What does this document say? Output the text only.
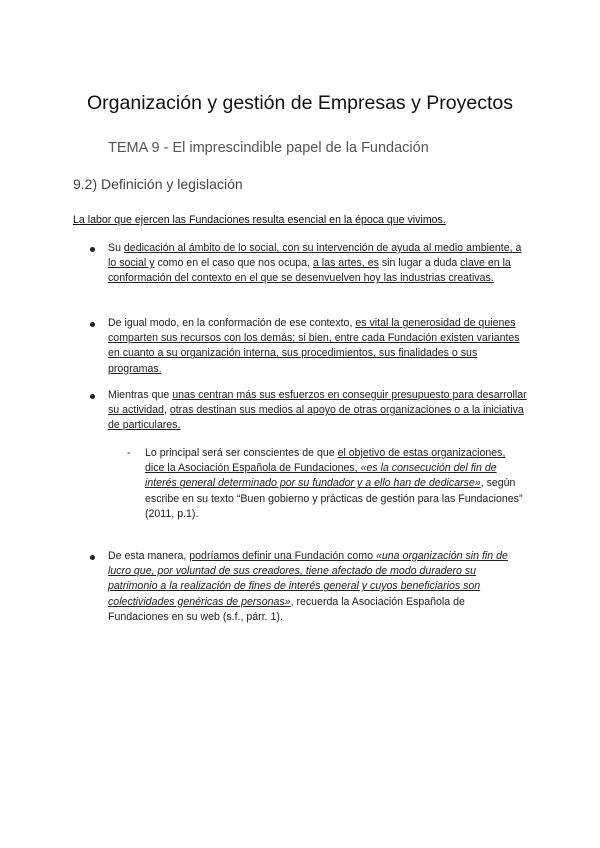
Organización y gestión de Empresas y Proyectos
TEMA 9 - El imprescindible papel de la Fundación
9.2) Definición y legislación
La labor que ejercen las Fundaciones resulta esencial en la época que vivimos.
Su dedicación al ámbito de lo social, con su intervención de ayuda al medio ambiente, a lo social y como en el caso que nos ocupa, a las artes, es sin lugar a duda clave en la conformación del contexto en el que se desenvuelven hoy las industrias creativas.
De igual modo, en la conformación de ese contexto, es vital la generosidad de quienes comparten sus recursos con los demás; si bien, entre cada Fundación existen variantes en cuanto a su organización interna, sus procedimientos, sus finalidades o sus programas.
Mientras que unas centran más sus esfuerzos en conseguir presupuesto para desarrollar su actividad, otras destinan sus medios al apoyo de otras organizaciones o a la iniciativa de particulares.
- Lo principal será ser conscientes de que el objetivo de estas organizaciones, dice la Asociación Española de Fundaciones, «es la consecución del fin de interés general determinado por su fundador y a ello han de dedicarse», según escribe en su texto “Buen gobierno y prácticas de gestión para las Fundaciones” (2011, p.1).
De esta manera, podríamos definir una Fundación como «una organización sin fin de lucro que, por voluntad de sus creadores, tiene afectado de modo duradero su patrimonio a la realización de fines de interés general y cuyos beneficiarios son colectividades genéricas de personas», recuerda la Asociación Española de Fundaciones en su web (s.f., párr. 1).
